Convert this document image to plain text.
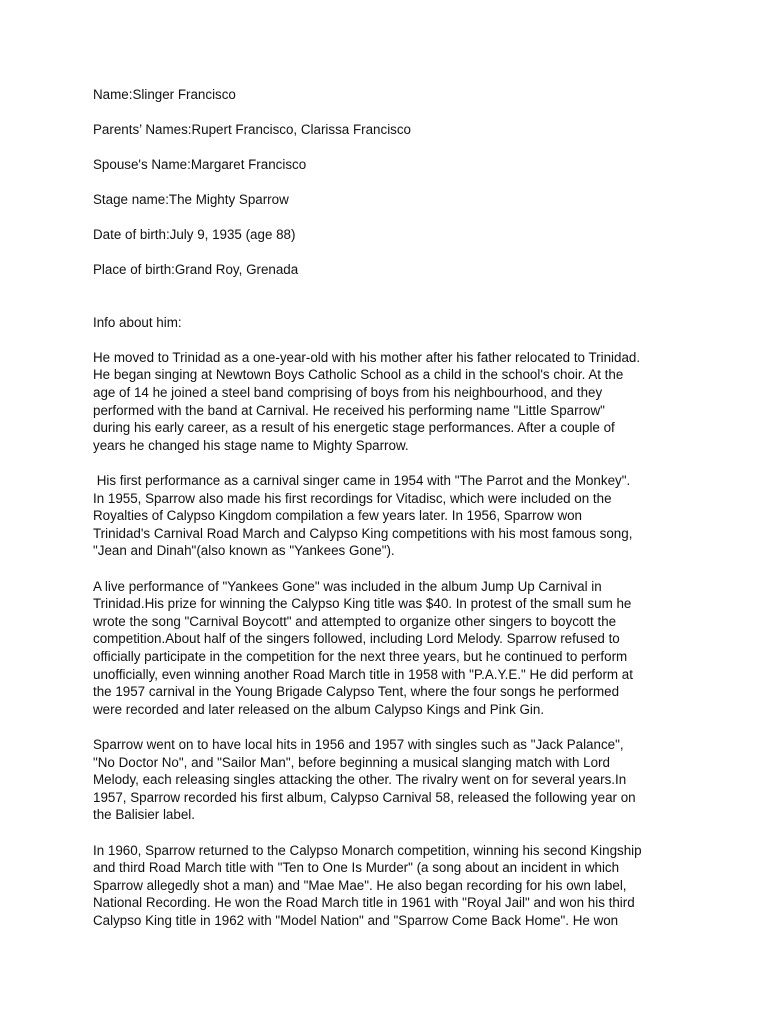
Name:Slinger Francisco
Parents’ Names:Rupert Francisco, Clarissa Francisco
Spouse's Name:Margaret Francisco
Stage name:The Mighty Sparrow
Date of birth:July 9, 1935 (age 88)
Place of birth:Grand Roy, Grenada
Info about him:
He moved to Trinidad as a one-year-old with his mother after his father relocated to Trinidad.
He began singing at Newtown Boys Catholic School as a child in the school's choir. At the
age of 14 he joined a steel band comprising of boys from his neighbourhood, and they
performed with the band at Carnival. He received his performing name "Little Sparrow"
during his early career, as a result of his energetic stage performances. After a couple of
years he changed his stage name to Mighty Sparrow.
His first performance as a carnival singer came in 1954 with "The Parrot and the Monkey".
In 1955, Sparrow also made his first recordings for Vitadisc, which were included on the
Royalties of Calypso Kingdom compilation a few years later. In 1956, Sparrow won
Trinidad's Carnival Road March and Calypso King competitions with his most famous song,
"Jean and Dinah"(also known as "Yankees Gone").
A live performance of "Yankees Gone" was included in the album Jump Up Carnival in
Trinidad.His prize for winning the Calypso King title was $40. In protest of the small sum he
wrote the song "Carnival Boycott" and attempted to organize other singers to boycott the
competition.About half of the singers followed, including Lord Melody. Sparrow refused to
officially participate in the competition for the next three years, but he continued to perform
unofficially, even winning another Road March title in 1958 with "P.A.Y.E." He did perform at
the 1957 carnival in the Young Brigade Calypso Tent, where the four songs he performed
were recorded and later released on the album Calypso Kings and Pink Gin.
Sparrow went on to have local hits in 1956 and 1957 with singles such as "Jack Palance",
"No Doctor No", and "Sailor Man", before beginning a musical slanging match with Lord
Melody, each releasing singles attacking the other. The rivalry went on for several years.In
1957, Sparrow recorded his first album, Calypso Carnival 58, released the following year on
the Balisier label.
In 1960, Sparrow returned to the Calypso Monarch competition, winning his second Kingship
and third Road March title with "Ten to One Is Murder" (a song about an incident in which
Sparrow allegedly shot a man) and "Mae Mae". He also began recording for his own label,
National Recording. He won the Road March title in 1961 with "Royal Jail" and won his third
Calypso King title in 1962 with "Model Nation" and "Sparrow Come Back Home". He won
